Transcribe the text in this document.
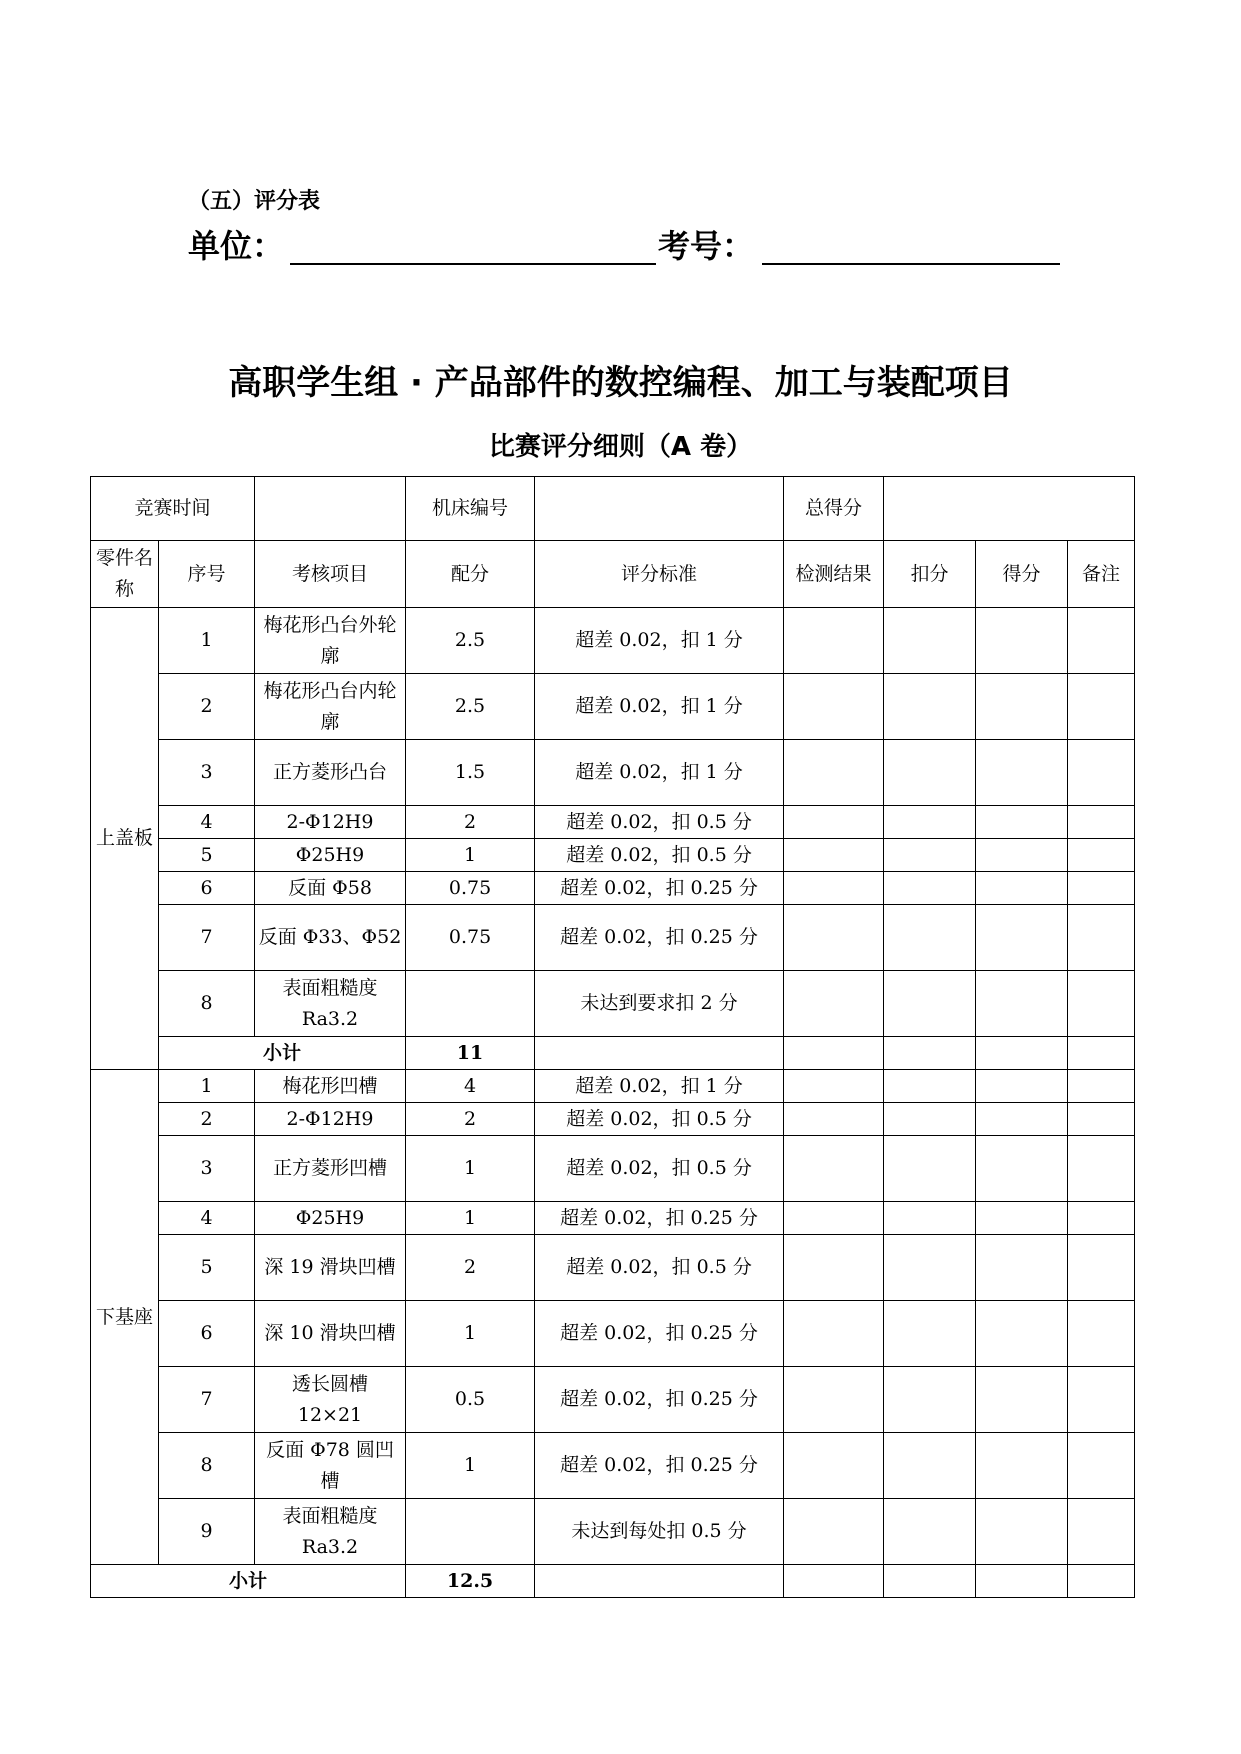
（五）评分表
单位：	考号：
高职学生组 · 产品部件的数控编程、加工与装配项目
比赛评分细则（A 卷）
竞赛时间			机床编号		总得分			
零件名称	序号	考核项目	配分	评分标准	检测结果	扣分	得分	备注
上盖板	1	梅花形凸台外轮廓	2.5	超差 0.02，扣 1 分				
	2	梅花形凸台内轮廓	2.5	超差 0.02，扣 1 分				
	3	正方菱形凸台	1.5	超差 0.02，扣 1 分				
	4	2-Φ12H9	2	超差 0.02，扣 0.5 分				
	5	Φ25H9	1	超差 0.02，扣 0.5 分				
	6	反面 Φ58	0.75	超差 0.02，扣 0.25 分				
	7	反面 Φ33、Φ52	0.75	超差 0.02，扣 0.25 分				
	8	表面粗糙度 Ra3.2		未达到要求扣 2 分				
	小计		11					
下基座	1	梅花形凹槽	4	超差 0.02，扣 1 分				
	2	2-Φ12H9	2	超差 0.02，扣 0.5 分				
	3	正方菱形凹槽	1	超差 0.02，扣 0.5 分				
	4	Φ25H9	1	超差 0.02，扣 0.25 分				
	5	深 19 滑块凹槽	2	超差 0.02，扣 0.5 分				
	6	深 10 滑块凹槽	1	超差 0.02，扣 0.25 分				
	7	透长圆槽 12×21	0.5	超差 0.02，扣 0.25 分				
	8	反面 Φ78 圆凹槽	1	超差 0.02，扣 0.25 分				
	9	表面粗糙度 Ra3.2		未达到每处扣 0.5 分				
小计			12.5					
